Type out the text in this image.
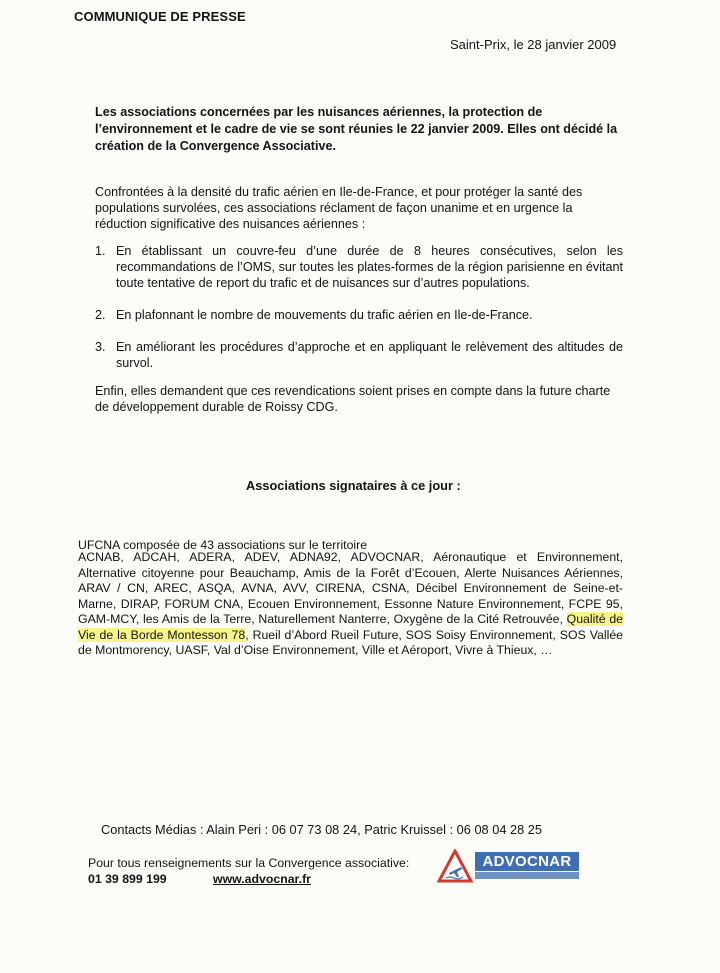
COMMUNIQUE DE PRESSE
Saint-Prix, le 28 janvier 2009
Les associations concernées par les nuisances aériennes, la protection de l’environnement et le cadre de vie se sont réunies le 22 janvier 2009. Elles ont décidé la création de la Convergence Associative.
Confrontées à la densité du trafic aérien en Ile-de-France, et pour protéger la santé des populations survolées, ces associations réclament de façon unanime et en urgence la réduction significative des nuisances aériennes :
1. En établissant un couvre-feu d’une durée de 8 heures consécutives, selon les recommandations de l’OMS, sur toutes les plates-formes de la région parisienne en évitant toute tentative de report du trafic et de nuisances sur d’autres populations.
2. En plafonnant le nombre de mouvements du trafic aérien en Ile-de-France.
3. En améliorant les procédures d’approche et en appliquant le relèvement des altitudes de survol.
Enfin, elles demandent que ces revendications soient prises en compte dans la future charte de développement durable de Roissy CDG.
Associations signataires à ce jour :
UFCNA composée de 43 associations sur le territoire
ACNAB, ADCAH, ADERA, ADEV, ADNA92, ADVOCNAR, Aéronautique et Environnement, Alternative citoyenne pour Beauchamp, Amis de la Forêt d’Ecouen, Alerte Nuisances Aériennes, ARAV / CN, AREC, ASQA, AVNA, AVV, CIRENA, CSNA, Décibel Environnement de Seine-et-Marne, DIRAP, FORUM CNA, Ecouen Environnement, Essonne Nature Environnement, FCPE 95, GAM-MCY, les Amis de la Terre, Naturellement Nanterre, Oxygène de la Cité Retrouvée, Qualité de Vie de la Borde Montesson 78, Rueil d’Abord Rueil Future, SOS Soisy Environnement, SOS Vallée de Montmorency, UASF, Val d’Oise Environnement, Ville et Aéroport, Vivre à Thieux, …
Contacts Médias : Alain Peri : 06 07 73 08 24, Patric Kruissel : 06 08 04 28 25
Pour tous renseignements sur la Convergence associative:
01 39 899 199	www.advocnar.fr
ADVOCNAR
